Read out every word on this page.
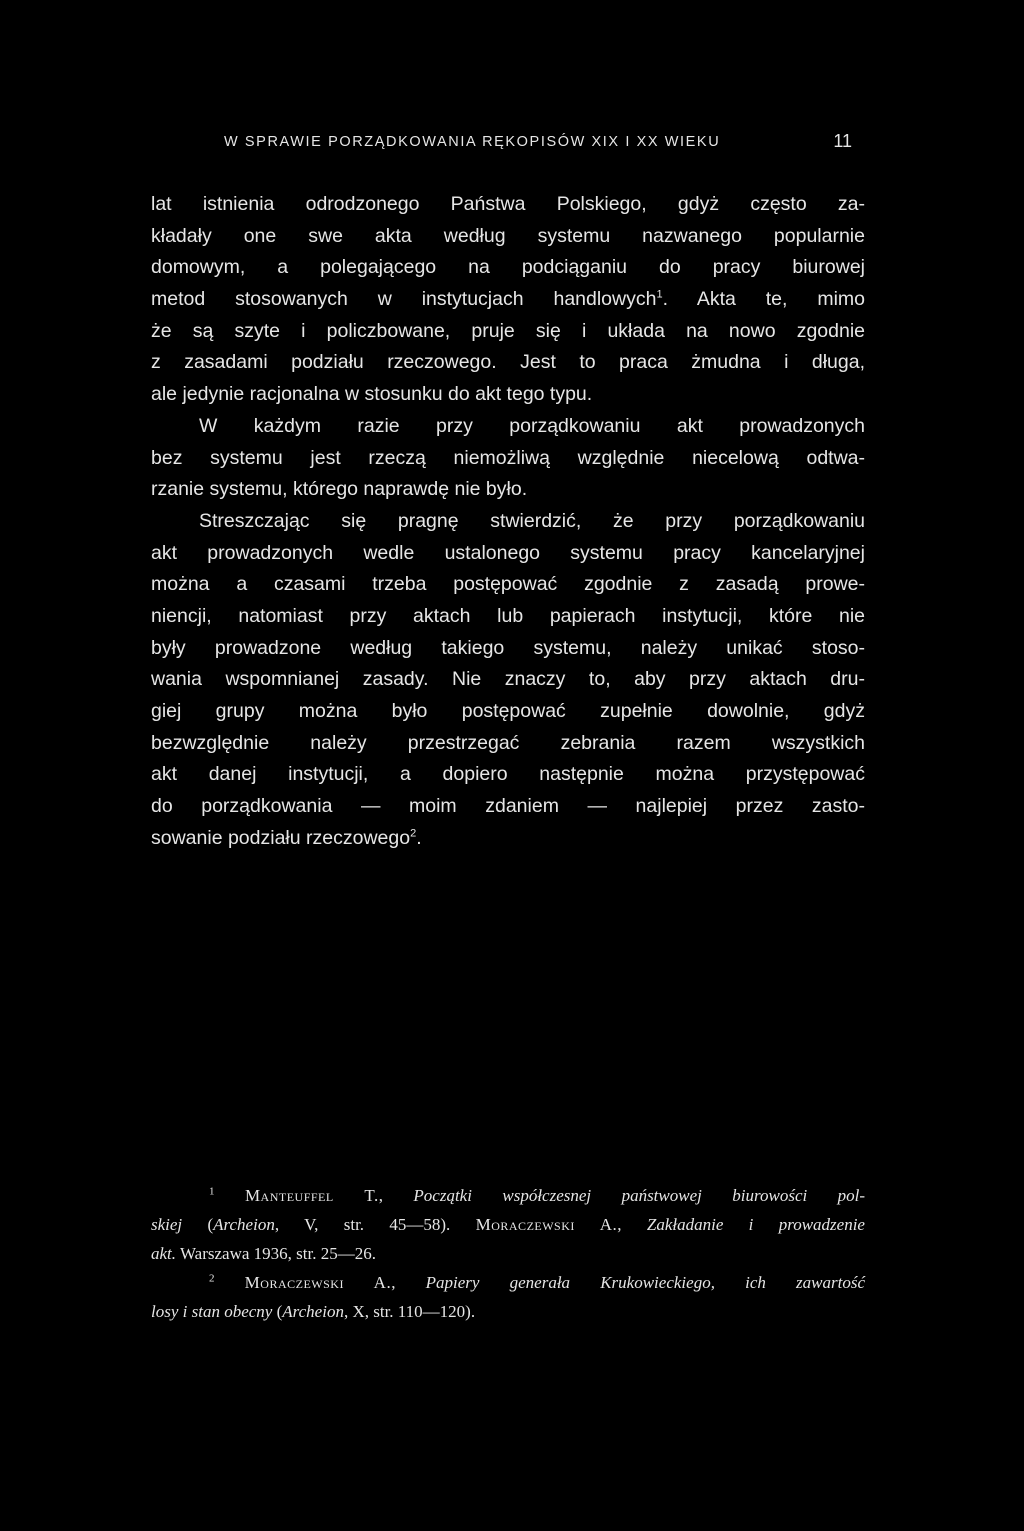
W SPRAWIE PORZĄDKOWANIA RĘKOPISÓW XIX I XX WIEKU	11
lat istnienia odrodzonego Państwa Polskiego, gdyż często za-
kładały one swe akta według systemu nazwanego popularnie
domowym, a polegającego na podciąganiu do pracy biurowej
metod stosowanych w instytucjach handlowych$^1$. Akta te, mimo
że są szyte i policzbowane, pruje się i układa na nowo zgodnie
z zasadami podziału rzeczowego. Jest to praca żmudna i długa,
ale jedynie racjonalna w stosunku do akt tego typu.
W każdym razie przy porządkowaniu akt prowadzonych
bez systemu jest rzeczą niemożliwą względnie niecelową odtwa-
rzanie systemu, którego naprawdę nie było.
Streszczając się pragnę stwierdzić, że przy porządkowaniu
akt prowadzonych wedle ustalonego systemu pracy kancelaryjnej
można a czasami trzeba postępować zgodnie z zasadą prowe-
niencji, natomiast przy aktach lub papierach instytucji, które nie
były prowadzone według takiego systemu, należy unikać stoso-
wania wspomnianej zasady. Nie znaczy to, aby przy aktach dru-
giej grupy można było postępować zupełnie dowolnie, gdyż
bezwzględnie należy przestrzegać zebrania razem wszystkich
akt danej instytucji, a dopiero następnie można przystępować
do porządkowania — moim zdaniem — najlepiej przez zasto-
sowanie podziału rzeczowego$^2$.
$^1$ Manteuffel T., Początki współczesnej państwowej biurowości pol-
skiej (Archeion, V, str. 45—58). Moraczewski A., Zakładanie i prowadzenie
akt. Warszawa 1936, str. 25—26.
$^2$ Moraczewski A., Papiery generała Krukowieckiego, ich zawartość
losy i stan obecny (Archeion, X, str. 110—120).
